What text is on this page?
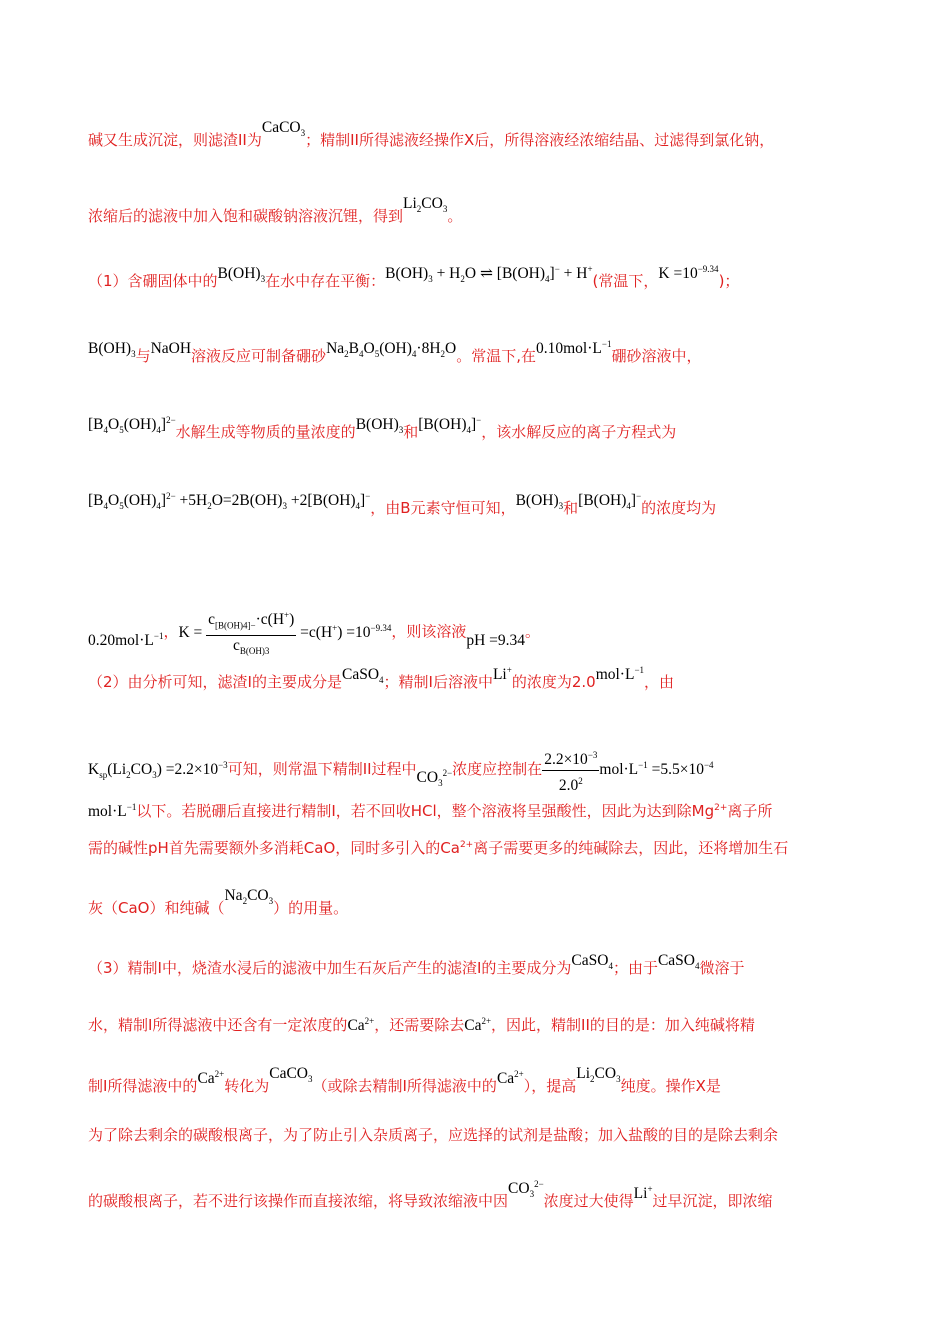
碱又生成沉淀，则滤渣II为CaCO$_3$；精制II所得滤液经操作X后，所得溶液经浓缩结晶、过滤得到氯化钠，
浓缩后的滤液中加入饱和碳酸钠溶液沉锂，得到$Li_2CO_3$。
（1）含硼固体中的$B(OH)_3$在水中存在平衡：$B(OH)_3 + H_2O$ ⇌ $[B(OH)_4]^- + H^+$(常温下，$K =10^{-9.34}$)；
$B(OH)_3$与NaOH溶液反应可制备硼砂$Na_2B_4O_5(OH)_4\cdot 8H_2O$。常温下,在$0.10mol\cdot L^{-1}$硼砂溶液中，
$[B_4O_5(OH)_4]^{2-}$水解生成等物质的量浓度的$B(OH)_3$和$[B(OH)_4]^-$，该水解反应的离子方程式为
$[B_4O_5(OH)_4]^{2-} +5H_2O=2B(OH)_3 +2[B(OH)_4]^-$，由B元素守恒可知，$B(OH)_3$和$[B(OH)_4]^-$的浓度均为
$0.20mol\cdot L^{-1}$，$K = \frac{c_{[B(OH)4]-}\cdot c(H^+)}{c_{B(OH)3}} =c(H^+) =10^{-9.34}$，则该溶液pH =9.34。
（2）由分析可知，滤渣I的主要成分是CaSO$_4$；精制I后溶液中Li+的浓度为$2.0mol\cdot L^{-1}$，由
$K_{sp}(Li_2CO_3) =2.2\times 10^{-3}$可知，则常温下精制II过程中$CO_3^{2-}$浓度应控制在 $\frac{2.2\times 10^{-3}}{2.0^2} mol\cdot L^{-1} =5.5\times 10^{-4}$
$mol\cdot L^{-1}$以下。若脱硼后直接进行精制Ⅰ，若不回收HCl，整个溶液将呈强酸性，因此为达到除$Mg^{2+}$离子所
需的碱性pH首先需要额外多消耗CaO，同时多引入的$Ca^{2+}$离子需要更多的纯碱除去，因此，还将增加生石
灰（CaO）和纯碱$(Na_2CO_3)$的用量。
（3）精制Ⅰ中，烧渣水浸后的滤液中加生石灰后产生的滤渣Ⅰ的主要成分为CaSO$_4$；由于CaSO$_4$微溶于
水，精制Ⅰ所得滤液中还含有一定浓度的$Ca^{2+}$，还需要除去$Ca^{2+}$，因此，精制II的目的是：加入纯碱将精
制Ⅰ所得滤液中的$Ca^{2+}$转化为CaCO$_3$（或除去精制Ⅰ所得滤液中的$Ca^{2+}$），提高$Li_2CO_3$纯度。操作X是
为了除去剩余的碳酸根离子，为了防止引入杂质离子，应选择的试剂是盐酸；加入盐酸的目的是除去剩余
的碳酸根离子，若不进行该操作而直接浓缩，将导致浓缩液中因$CO_3^{2-}$浓度过大使得Li+过早沉淀，即浓缩
